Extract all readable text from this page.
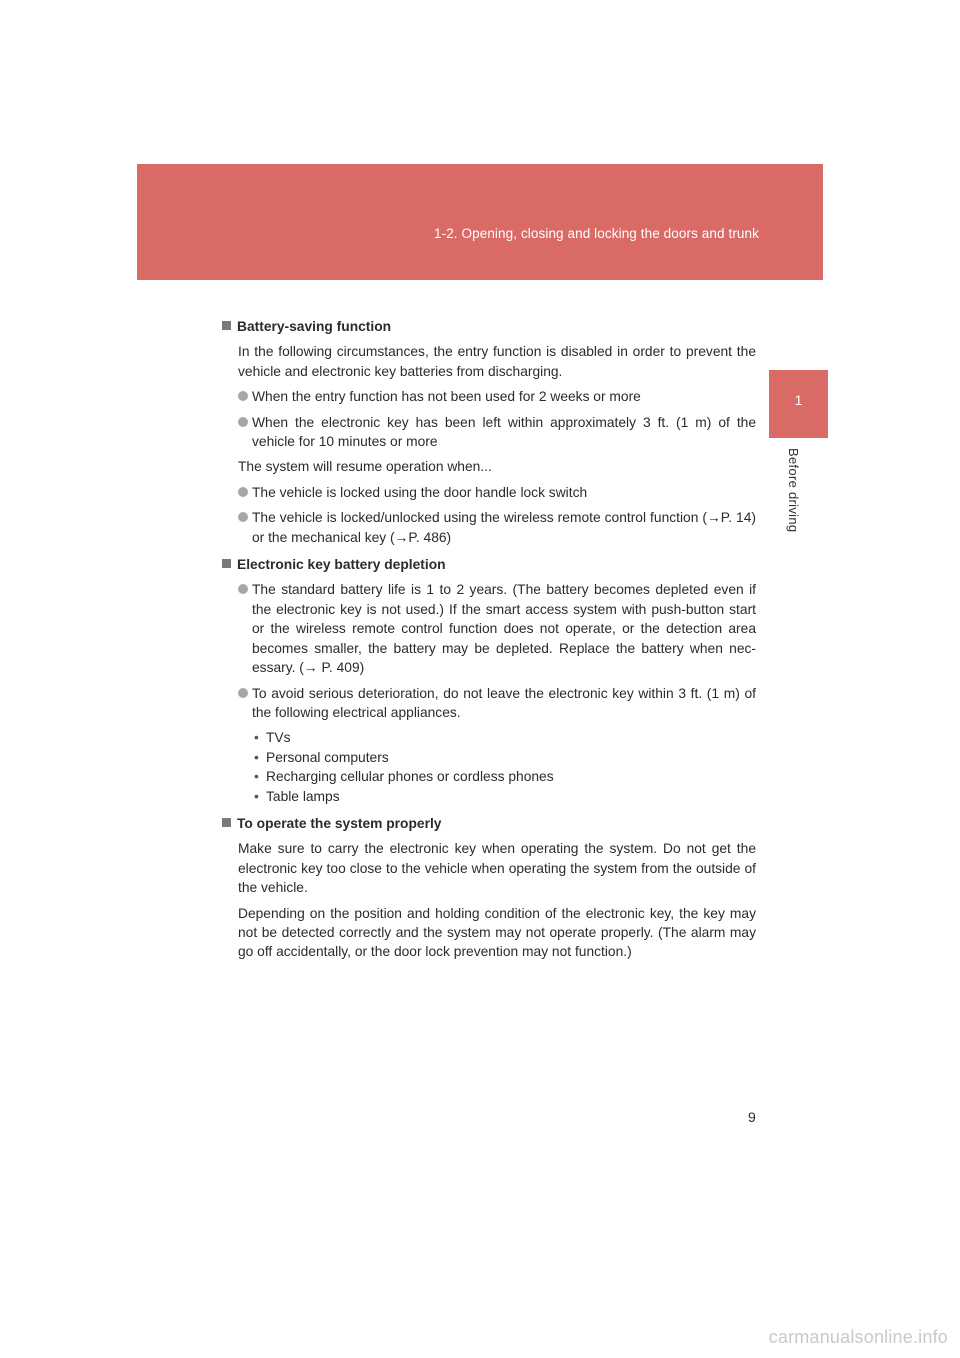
1-2. Opening, closing and locking the doors and trunk
1
Before driving
Battery-saving function

In the following circumstances, the entry function is disabled in order to prevent the vehicle and electronic key batteries from discharging.

When the entry function has not been used for 2 weeks or more
When the electronic key has been left within approximately 3 ft. (1 m) of the vehicle for 10 minutes or more

The system will resume operation when...

The vehicle is locked using the door handle lock switch
The vehicle is locked/unlocked using the wireless remote control function (→P. 14) or the mechanical key (→P. 486)
Electronic key battery depletion
The standard battery life is 1 to 2 years. (The battery becomes depleted even if the electronic key is not used.) If the smart access system with push-button start or the wireless remote control function does not operate, or the detection area becomes smaller, the battery may be depleted. Replace the battery when nec-essary. (→ P. 409)
To avoid serious deterioration, do not leave the electronic key within 3 ft. (1 m) of the following electrical appliances.
• TVs
• Personal computers
• Recharging cellular phones or cordless phones
• Table lamps
To operate the system properly

Make sure to carry the electronic key when operating the system. Do not get the electronic key too close to the vehicle when operating the system from the outside of the vehicle.

Depending on the position and holding condition of the electronic key, the key may not be detected correctly and the system may not operate properly. (The alarm may go off accidentally, or the door lock prevention may not function.)

9
carmanualsonline.info
